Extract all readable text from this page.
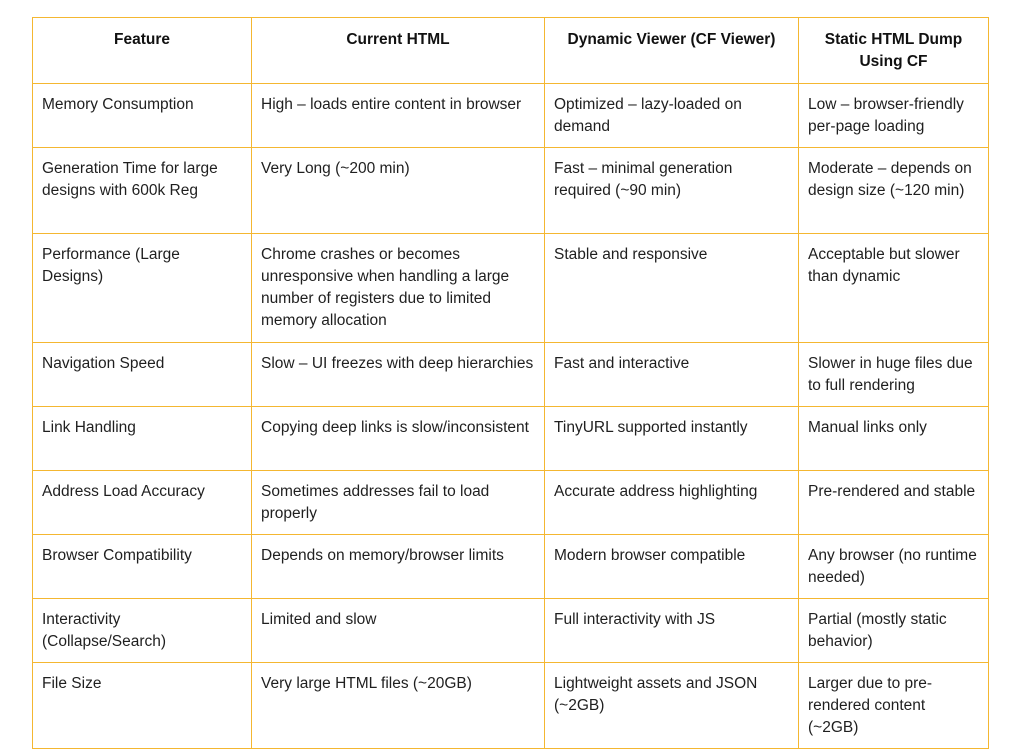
Feature	Current HTML	Dynamic Viewer (CF Viewer)	Static HTML Dump Using CF
Memory Consumption	High – loads entire content in browser	Optimized – lazy-loaded on demand	Low – browser-friendly per-page loading
Generation Time for large designs with 600k Reg	Very Long (~200 min)	Fast – minimal generation required (~90 min)	Moderate – depends on design size (~120 min)
Performance (Large Designs)	Chrome crashes or becomes unresponsive when handling a large number of registers due to limited memory allocation	Stable and responsive	Acceptable but slower than dynamic
Navigation Speed	Slow – UI freezes with deep hierarchies	Fast and interactive	Slower in huge files due to full rendering
Link Handling	Copying deep links is slow/inconsistent	TinyURL supported instantly	Manual links only
Address Load Accuracy	Sometimes addresses fail to load properly	Accurate address highlighting	Pre-rendered and stable
Browser Compatibility	Depends on memory/browser limits	Modern browser compatible	Any browser (no runtime needed)
Interactivity (Collapse/Search)	Limited and slow	Full interactivity with JS	Partial (mostly static behavior)
File Size	Very large HTML files (~20GB)	Lightweight assets and JSON (~2GB)	Larger due to pre-rendered content (~2GB)
